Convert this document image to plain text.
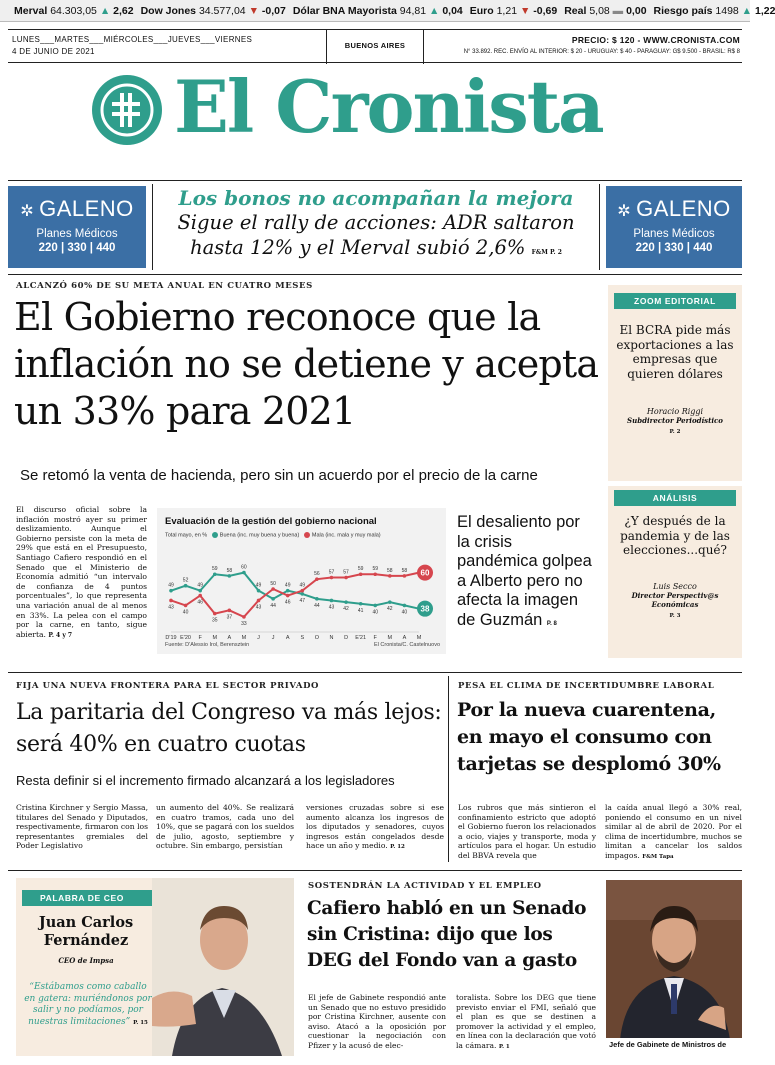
Merval 64.303,05 ▲ 2,62 Dow Jones 34.577,04 ▼ -0,07 Dólar BNA Mayorista 94,81 ▲ 0,04 Euro 1,21 ▼ -0,69 Real 5,08 ▬ 0,00 Riesgo país 1498 ▲ 1,22
LUNES___MARTES___MIÉRCOLES___JUEVES___VIERNES
4 DE JUNIO DE 2021
BUENOS AIRES
PRECIO: $ 120 - WWW.CRONISTA.COM
N° 33.892. REC. ENVÍO AL INTERIOR: $ 20 - URUGUAY: $ 40 - PARAGUAY: G$ 9.500 - BRASIL: R$ 8
El Cronista
✲ GALENO
Planes Médicos
220 | 330 | 440
✲ GALENO
Planes Médicos
220 | 330 | 440
Los bonos no acompañan la mejora
Sigue el rally de acciones: ADR saltaron hasta 12% y el Merval subió 2,6% F&M P. 2
ALCANZÓ 60% DE SU META ANUAL EN CUATRO MESES
El Gobierno reconoce que la inflación no se detiene y acepta un 33% para 2021
Se retomó la venta de hacienda, pero sin un acuerdo por el precio de la carne
El discurso oficial sobre la inflación mostró ayer su primer deslizamiento. Aunque el Gobierno persiste con la meta de 29% que está en el Presupuesto, Santiago Cafiero respondió en el Senado que el Ministerio de Economía admitió “un intervalo de confianza de 4 puntos porcentuales”, lo que representa una variación anual de al menos en 33%. La pelea con el campo por la carne, en tanto, sigue abierta. P. 4 y 7
Evaluación de la gestión del gobierno nacional
Total mayo, en % Buena (inc. muy buena y buena) Mala (inc. mala y muy mala)
49
52
49
59 58
60
49
44
49
47
44 43 42 41 40
42
40 38
43
40
46
35
37
33
43
50
46
49
56 57 57
59 59 58 58 60
D'19 E'20 F M A M J J A S O N D E'21 F M A M
Fuente: D'Alessio Irol, Berensztein	El Cronista/C. Castelnuovo
El desaliento por la crisis pandémica golpea a Alberto pero no afecta la imagen de Guzmán P. 8
ZOOM EDITORIAL
El BCRA pide más exportaciones a las empresas que quieren dólares
Horacio Riggi
Subdirector Periodístico
P. 2
ANÁLISIS
¿Y después de la pandemia y de las elecciones...qué?
Luis Secco
Director Perspectiv@s Económicas
P. 3
FIJA UNA NUEVA FRONTERA PARA EL SECTOR PRIVADO
La paritaria del Congreso va más lejos: será 40% en cuatro cuotas
Resta definir si el incremento firmado alcanzará a los legisladores
Cristina Kirchner y Sergio Massa, titulares del Senado y Diputados, respectivamente, firmaron con los representantes gremiales del Poder Legislativo
un aumento del 40%. Se realizará en cuatro tramos, cada uno del 10%, que se pagará con los sueldos de julio, agosto, septiembre y octubre. Sin embargo, persistían
versiones cruzadas sobre si ese aumento alcanza los ingresos de los diputados y senadores, cuyos ingresos están congelados desde hace un año y medio. P. 12
PESA EL CLIMA DE INCERTIDUMBRE LABORAL
Por la nueva cuarentena, en mayo el consumo con tarjetas se desplomó 30%
Los rubros que más sintieron el confinamiento estricto que adoptó el Gobierno fueron los relacionados a ocio, viajes y transporte, moda y artículos para el hogar. Un estudio del BBVA revela que
la caída anual llegó a 30% real, poniendo el consumo en un nivel similar al de abril de 2020. Por el clima de incertidumbre, muchos se limitan a cancelar los saldos impagos. F&M Tapa
PALABRA DE CEO
Juan Carlos Fernández
CEO de Impsa
“Estábamos como caballo en gatera: muriéndonos por salir y no podíamos, por nuestras limitaciones” P. 15
SOSTENDRÁN LA ACTIVIDAD Y EL EMPLEO
Cafiero habló en un Senado sin Cristina: dijo que los DEG del Fondo van a gasto
El jefe de Gabinete respondió ante un Senado que no estuvo presidido por Cristina Kirchner, ausente con aviso. Atacó a la oposición por cuestionar la negociación con Pfizer y la acusó de elec-
toralista. Sobre los DEG que tiene previsto enviar el FMI, señaló que el plan es que se destinen a promover la actividad y el empleo, en línea con la declaración que votó la cámara. P. 1	Jefe de Gabinete de Ministros de
